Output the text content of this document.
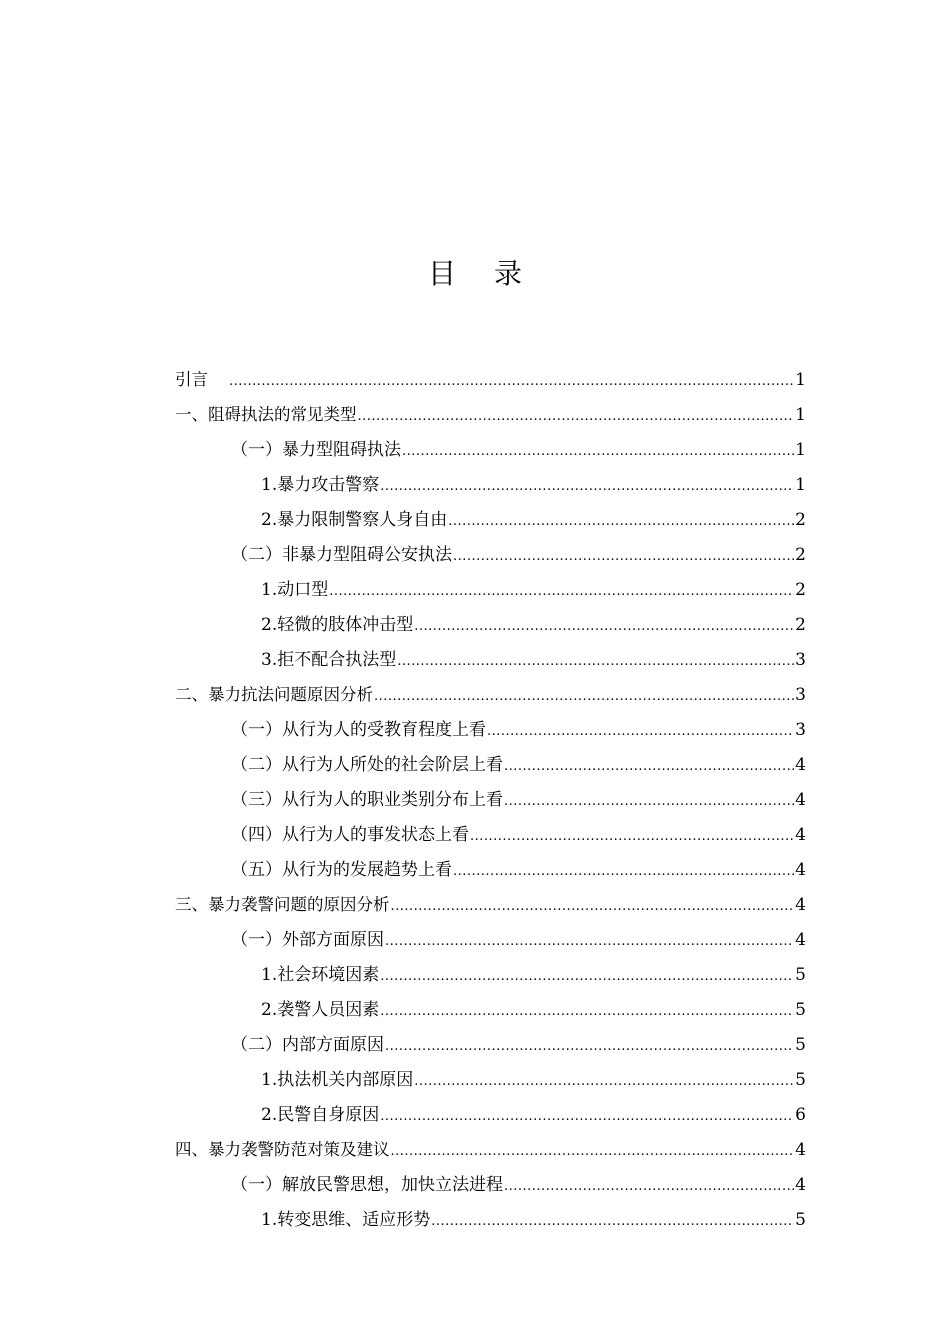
目录
引言 .....	1
一、阻碍执法的常见类型 .....	1
（一）暴力型阻碍执法 .....	1
1.暴力攻击警察 .....	1
2.暴力限制警察人身自由 .....	2
（二）非暴力型阻碍公安执法 .....	2
1.动口型 .....	2
2.轻微的肢体冲击型 .....	2
3.拒不配合执法型 .....	3
二、暴力抗法问题原因分析 .....	3
（一）从行为人的受教育程度上看 .....	3
（二）从行为人所处的社会阶层上看 .....	4
（三）从行为人的职业类别分布上看 .....	4
（四）从行为人的事发状态上看 .....	4
（五）从行为的发展趋势上看 .....	4
三、暴力袭警问题的原因分析 .....	4
（一）外部方面原因 .....	4
1.社会环境因素 .....	5
2.袭警人员因素 .....	5
（二）内部方面原因 .....	5
1.执法机关内部原因 .....	5
2.民警自身原因 .....	6
四、暴力袭警防范对策及建议 .....	4
（一）解放民警思想，加快立法进程 .....	4
1.转变思维、适应形势 .....	5
